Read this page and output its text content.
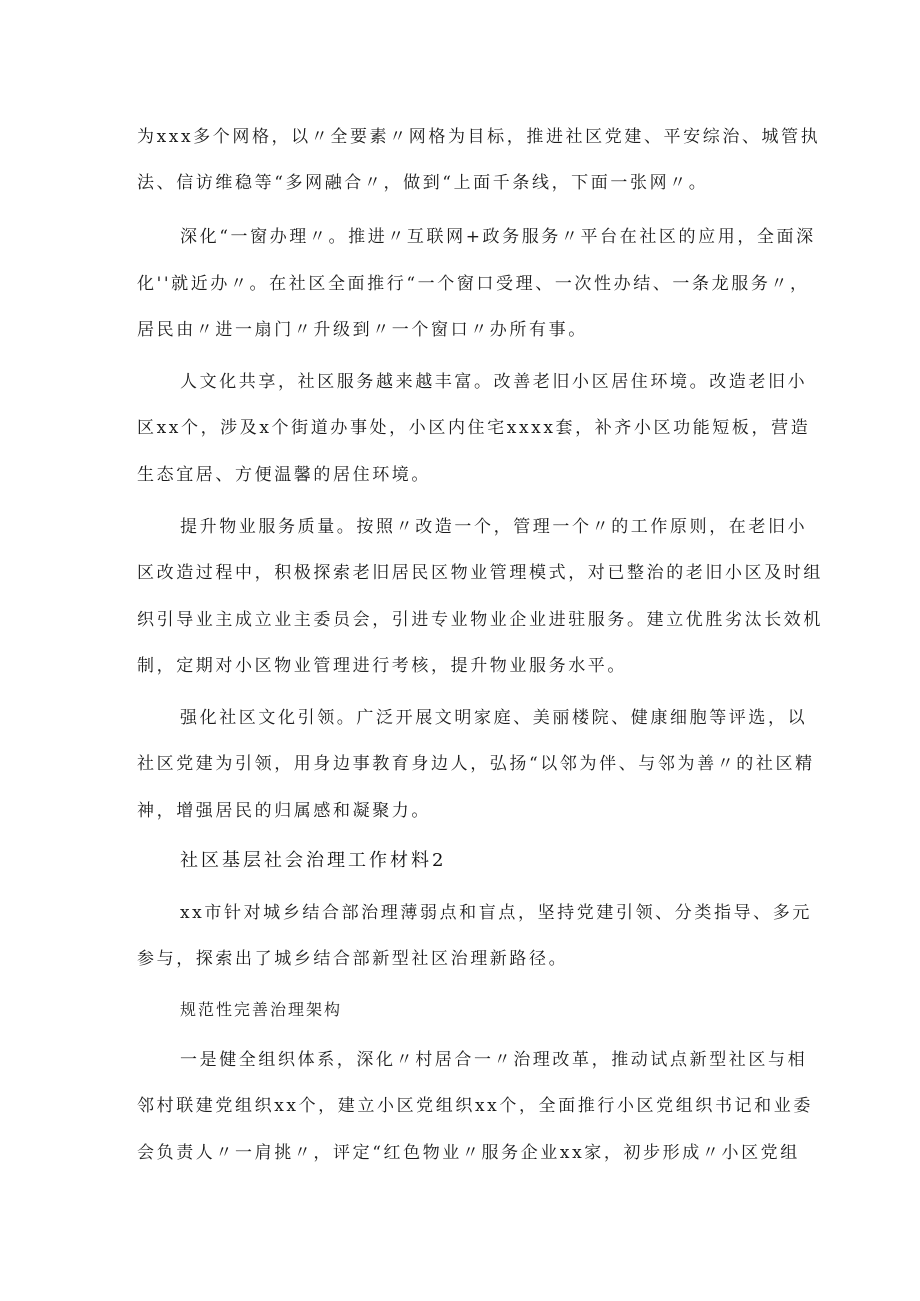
为xxx多个网格，以〃全要素〃网格为目标，推进社区党建、平安综治、城管执
法、信访维稳等“多网融合〃，做到“上面千条线，下面一张网〃。
深化“一窗办理〃。推进〃互联网+政务服务〃平台在社区的应用，全面深
化''就近办〃。在社区全面推行“一个窗口受理、一次性办结、一条龙服务〃，
居民由〃进一扇门〃升级到〃一个窗口〃办所有事。
人文化共享，社区服务越来越丰富。改善老旧小区居住环境。改造老旧小
区xx个，涉及x个街道办事处，小区内住宅xxxx套，补齐小区功能短板，营造
生态宜居、方便温馨的居住环境。
提升物业服务质量。按照〃改造一个，管理一个〃的工作原则，在老旧小
区改造过程中，积极探索老旧居民区物业管理模式，对已整治的老旧小区及时组
织引导业主成立业主委员会，引进专业物业企业进驻服务。建立优胜劣汰长效机
制，定期对小区物业管理进行考核，提升物业服务水平。
强化社区文化引领。广泛开展文明家庭、美丽楼院、健康细胞等评选，以
社区党建为引领，用身边事教育身边人，弘扬“以邻为伴、与邻为善〃的社区精
神，增强居民的归属感和凝聚力。
社区基层社会治理工作材料2
xx市针对城乡结合部治理薄弱点和盲点，坚持党建引领、分类指导、多元
参与，探索出了城乡结合部新型社区治理新路径。
规范性完善治理架构
一是健全组织体系，深化〃村居合一〃治理改革，推动试点新型社区与相
邻村联建党组织xx个，建立小区党组织xx个，全面推行小区党组织书记和业委
会负责人〃一肩挑〃，评定“红色物业〃服务企业xx家，初步形成〃小区党组
